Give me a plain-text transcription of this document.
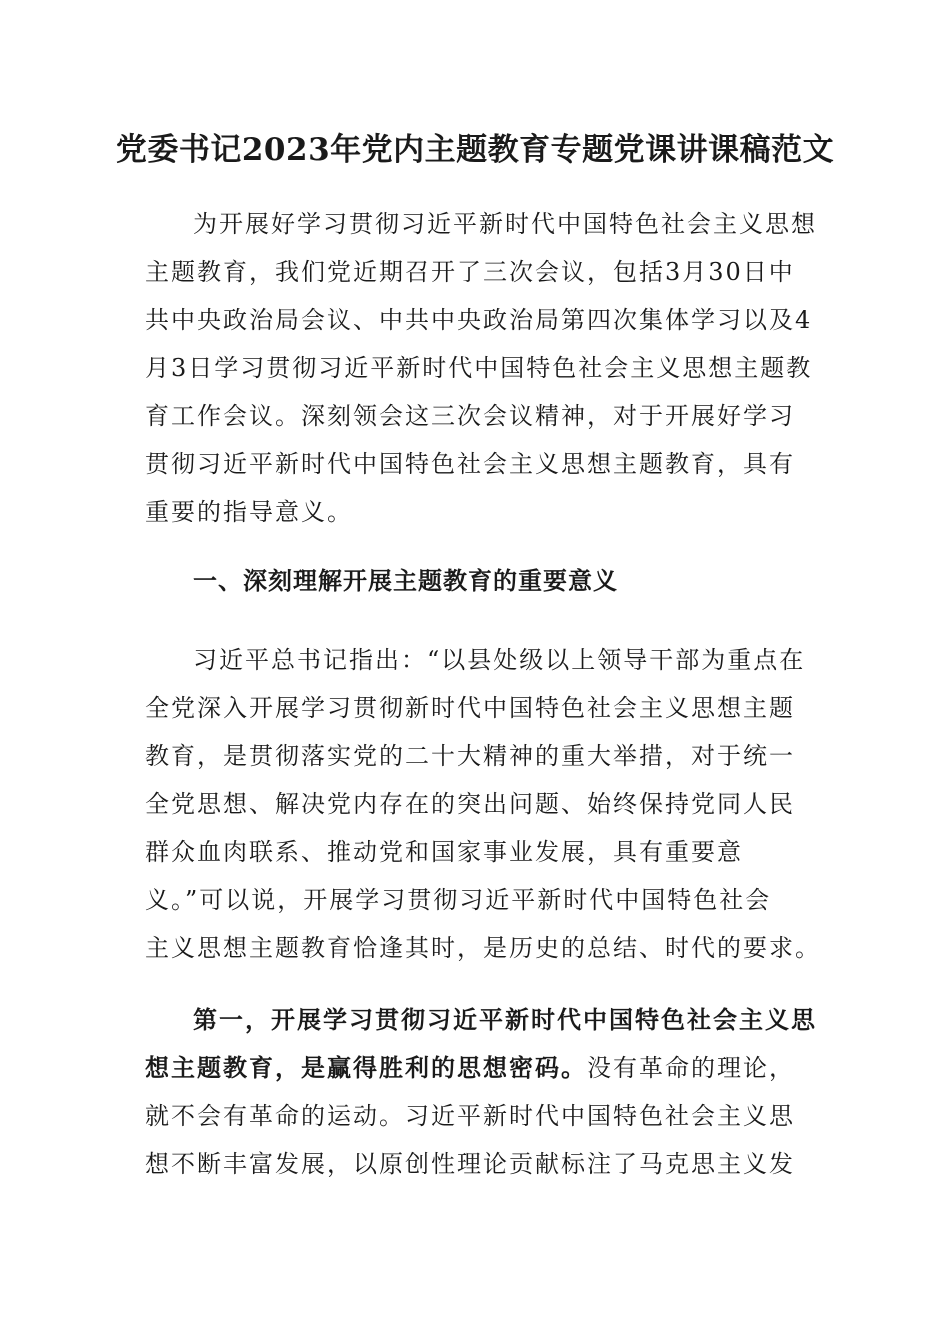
党委书记2023年党内主题教育专题党课讲课稿范文
为开展好学习贯彻习近平新时代中国特色社会主义思想
主题教育，我们党近期召开了三次会议，包括3月30日中
共中央政治局会议、中共中央政治局第四次集体学习以及4
月3日学习贯彻习近平新时代中国特色社会主义思想主题教
育工作会议。深刻领会这三次会议精神，对于开展好学习
贯彻习近平新时代中国特色社会主义思想主题教育，具有
重要的指导意义。
一、深刻理解开展主题教育的重要意义
习近平总书记指出：“以县处级以上领导干部为重点在
全党深入开展学习贯彻新时代中国特色社会主义思想主题
教育，是贯彻落实党的二十大精神的重大举措，对于统一
全党思想、解决党内存在的突出问题、始终保持党同人民
群众血肉联系、推动党和国家事业发展，具有重要意
义。”可以说，开展学习贯彻习近平新时代中国特色社会
主义思想主题教育恰逢其时，是历史的总结、时代的要求。
第一，开展学习贯彻习近平新时代中国特色社会主义思
想主题教育，是赢得胜利的思想密码。没有革命的理论，
就不会有革命的运动。习近平新时代中国特色社会主义思
想不断丰富发展，以原创性理论贡献标注了马克思主义发
